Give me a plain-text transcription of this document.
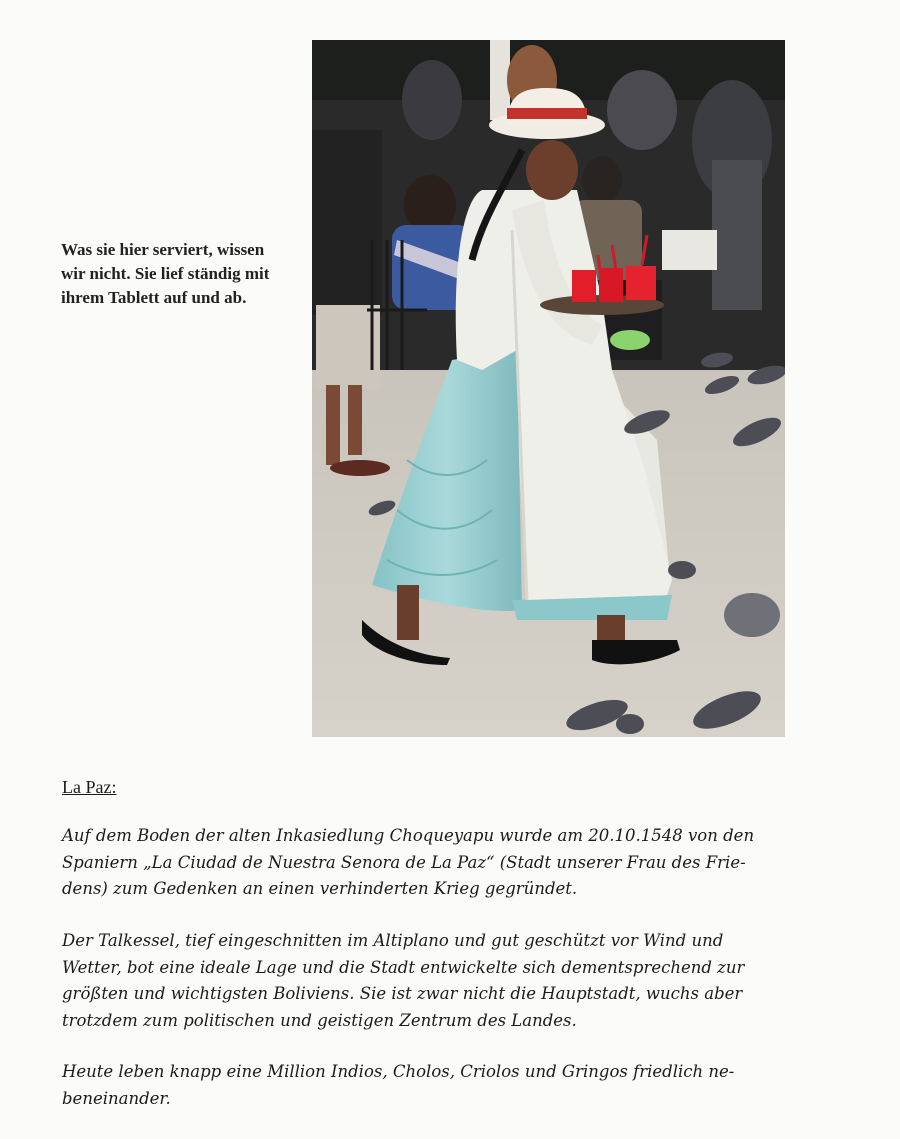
Was sie hier serviert, wissen
wir nicht. Sie lief ständig mit
ihrem Tablett auf und ab.
La Paz:
Auf dem Boden der alten Inkasiedlung Choqueyapu wurde am 20.10.1548 von den
Spaniern „La Ciudad de Nuestra Senora de La Paz“ (Stadt unserer Frau des Frie-
dens) zum Gedenken an einen verhinderten Krieg gegründet.
Der Talkessel, tief eingeschnitten im Altiplano und gut geschützt vor Wind und
Wetter, bot eine ideale Lage und die Stadt entwickelte sich dementsprechend zur
größten und wichtigsten Boliviens. Sie ist zwar nicht die Hauptstadt, wuchs aber
trotzdem zum politischen und geistigen Zentrum des Landes.
Heute leben knapp eine Million Indios, Cholos, Criolos und Gringos friedlich ne-
beneinander.
